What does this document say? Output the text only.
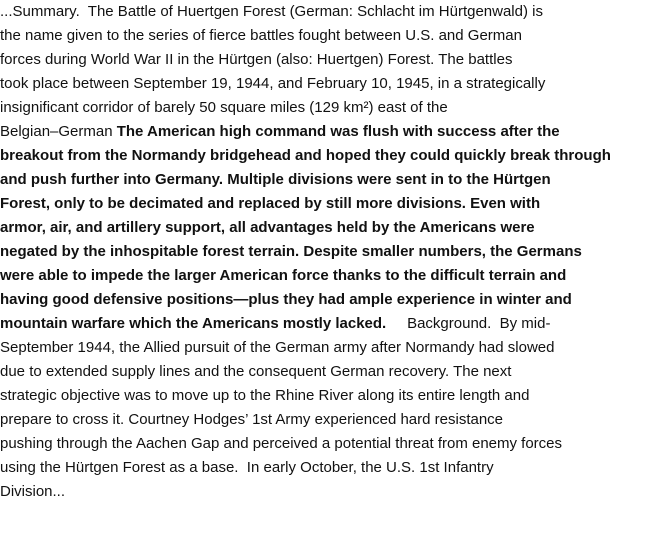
...Summary.  The Battle of Huertgen Forest (German: Schlacht im Hürtgenwald) is
the name given to the series of fierce battles fought between U.S. and German
forces during World War II in the Hürtgen (also: Huertgen) Forest. The battles
took place between September 19, 1944, and February 10, 1945, in a strategically
insignificant corridor of barely 50 square miles (129 km²) east of the
Belgian–German The American high command was flush with success after the
breakout from the Normandy bridgehead and hoped they could quickly break through
and push further into Germany. Multiple divisions were sent in to the Hürtgen
Forest, only to be decimated and replaced by still more divisions. Even with
armor, air, and artillery support, all advantages held by the Americans were
negated by the inhospitable forest terrain. Despite smaller numbers, the Germans
were able to impede the larger American force thanks to the difficult terrain and
having good defensive positions—plus they had ample experience in winter and
mountain warfare which the Americans mostly lacked.     Background.  By mid-
September 1944, the Allied pursuit of the German army after Normandy had slowed
due to extended supply lines and the consequent German recovery. The next
strategic objective was to move up to the Rhine River along its entire length and
prepare to cross it. Courtney Hodges’ 1st Army experienced hard resistance
pushing through the Aachen Gap and perceived a potential threat from enemy forces
using the Hürtgen Forest as a base.  In early October, the U.S. 1st Infantry
Division...
